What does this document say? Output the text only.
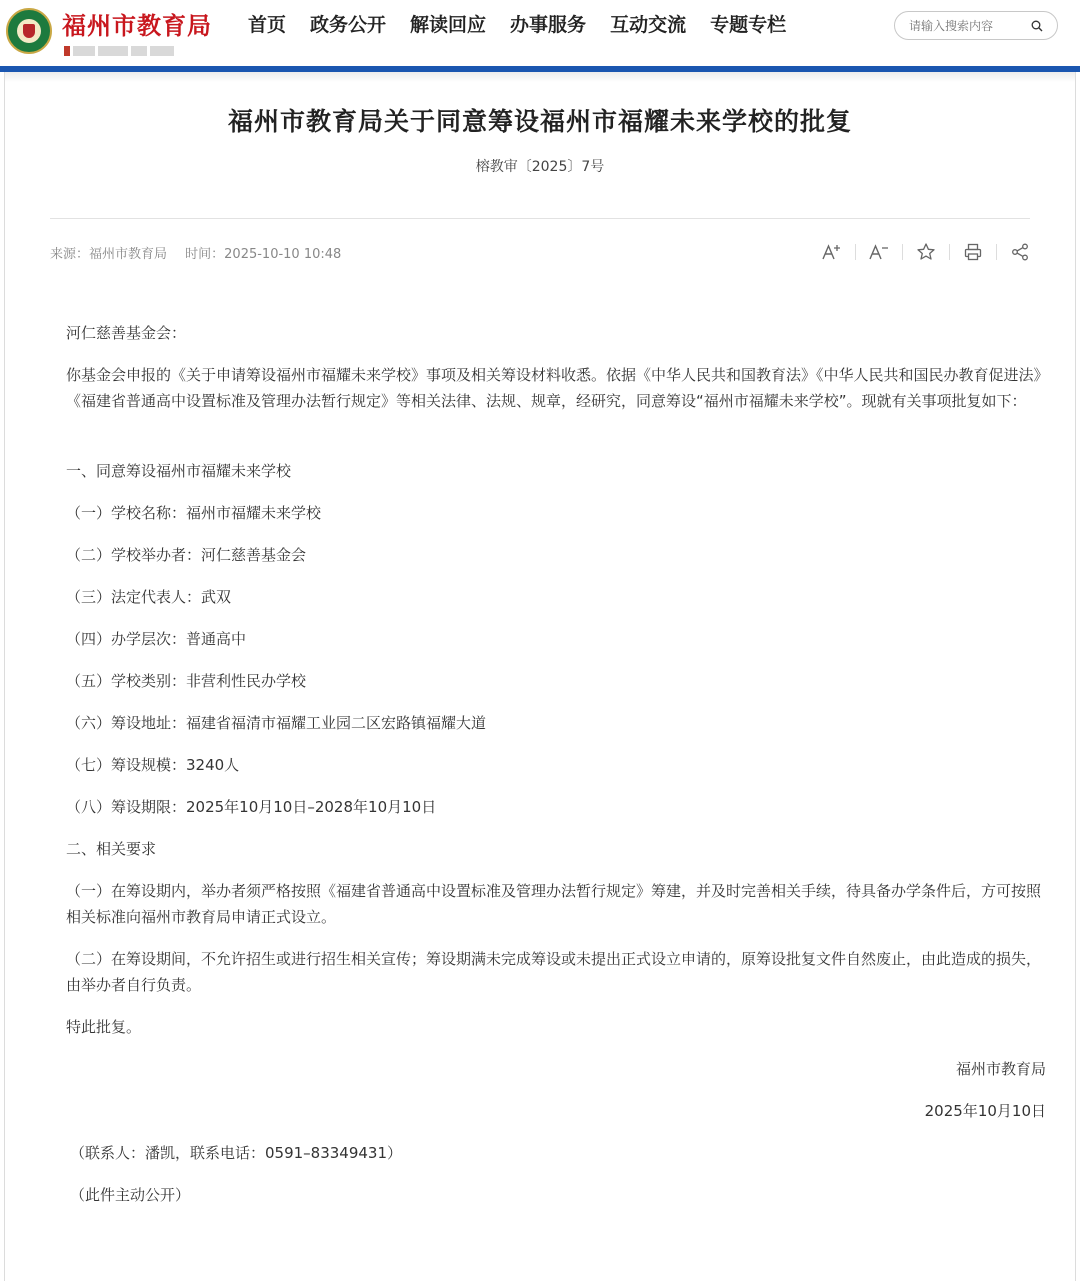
福州市教育局 首页 政务公开 解读回应 办事服务 互动交流 专题专栏
请输入搜索内容
福州市教育局关于同意筹设福州市福耀未来学校的批复
榕教审〔2025〕7号
来源：福州市教育局 时间：2025-10-10 10:48
河仁慈善基金会：
你基金会申报的《关于申请筹设福州市福耀未来学校》事项及相关筹设材料收悉。依据《中华人民共和国教育法》《中华人民共和国民办教育促进法》《福建省普通高中设置标准及管理办法暂行规定》等相关法律、法规、规章，经研究，同意筹设“福州市福耀未来学校”。现就有关事项批复如下：
一、同意筹设福州市福耀未来学校
（一）学校名称：福州市福耀未来学校
（二）学校举办者：河仁慈善基金会
（三）法定代表人：武双
（四）办学层次：普通高中
（五）学校类别：非营利性民办学校
（六）筹设地址：福建省福清市福耀工业园二区宏路镇福耀大道
（七）筹设规模：3240人
（八）筹设期限：2025年10月10日–2028年10月10日
二、相关要求
（一）在筹设期内，举办者须严格按照《福建省普通高中设置标准及管理办法暂行规定》筹建，并及时完善相关手续，待具备办学条件后，方可按照相关标准向福州市教育局申请正式设立。
（二）在筹设期间，不允许招生或进行招生相关宣传；筹设期满未完成筹设或未提出正式设立申请的，原筹设批复文件自然废止，由此造成的损失，由举办者自行负责。
特此批复。
福州市教育局
2025年10月10日
（联系人：潘凯，联系电话：0591–83349431）
（此件主动公开）
